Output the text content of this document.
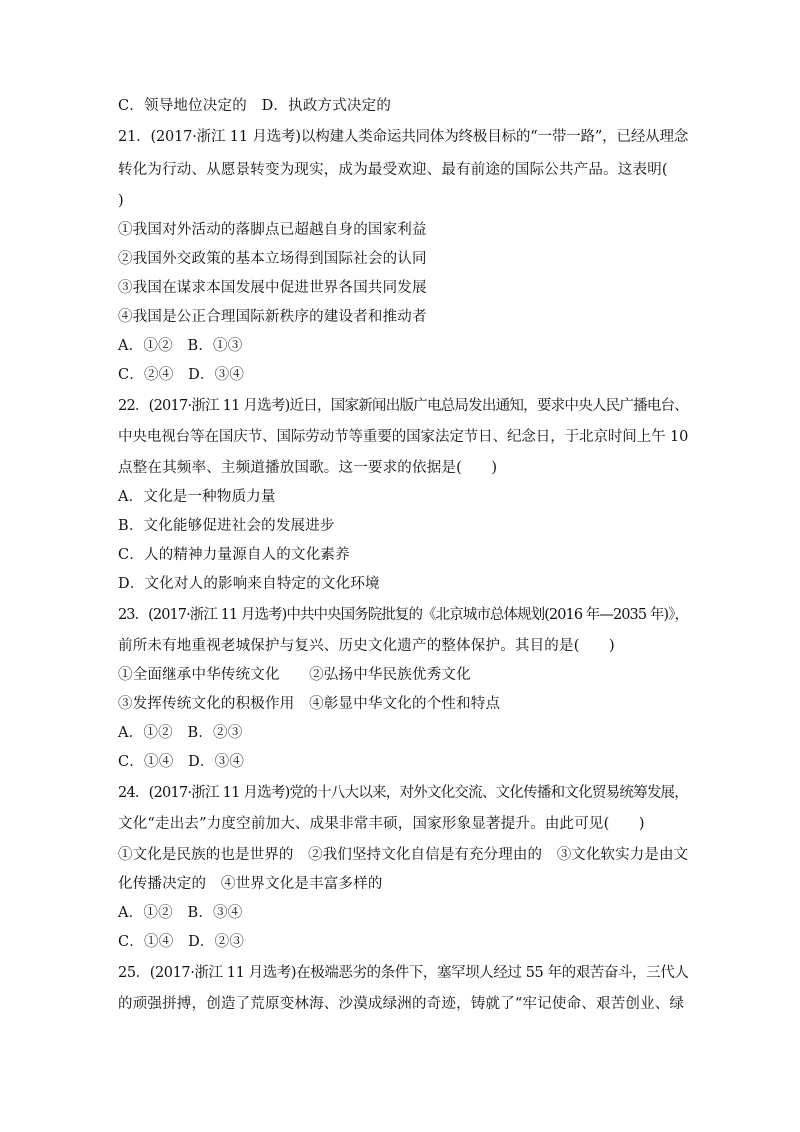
C．领导地位决定的　D．执政方式决定的
21．(2017·浙江 11 月选考)以构建人类命运共同体为终极目标的“一带一路”，已经从理念
转化为行动、从愿景转变为现实，成为最受欢迎、最有前途的国际公共产品。这表明(
)
①我国对外活动的落脚点已超越自身的国家利益
②我国外交政策的基本立场得到国际社会的认同
③我国在谋求本国发展中促进世界各国共同发展
④我国是公正合理国际新秩序的建设者和推动者
A．①②　B．①③
C．②④　D．③④
22．(2017·浙江 11 月选考)近日，国家新闻出版广电总局发出通知，要求中央人民广播电台、
中央电视台等在国庆节、国际劳动节等重要的国家法定节日、纪念日，于北京时间上午 10
点整在其频率、主频道播放国歌。这一要求的依据是(　　)
A．文化是一种物质力量
B．文化能够促进社会的发展进步
C．人的精神力量源自人的文化素养
D．文化对人的影响来自特定的文化环境
23．(2017·浙江 11 月选考)中共中央国务院批复的《北京城市总体规划(2016 年—2035 年)》，
前所未有地重视老城保护与复兴、历史文化遗产的整体保护。其目的是(　　)
①全面继承中华传统文化　　②弘扬中华民族优秀文化
③发挥传统文化的积极作用　④彰显中华文化的个性和特点
A．①②　B．②③
C．①④　D．③④
24．(2017·浙江 11 月选考)党的十八大以来，对外文化交流、文化传播和文化贸易统筹发展，
文化“走出去”力度空前加大、成果非常丰硕，国家形象显著提升。由此可见(　　)
①文化是民族的也是世界的　②我们坚持文化自信是有充分理由的　③文化软实力是由文
化传播决定的　④世界文化是丰富多样的
A．①②　B．③④
C．①④　D．②③
25．(2017·浙江 11 月选考)在极端恶劣的条件下，塞罕坝人经过 55 年的艰苦奋斗，三代人
的顽强拼搏，创造了荒原变林海、沙漠成绿洲的奇迹，铸就了“牢记使命、艰苦创业、绿
